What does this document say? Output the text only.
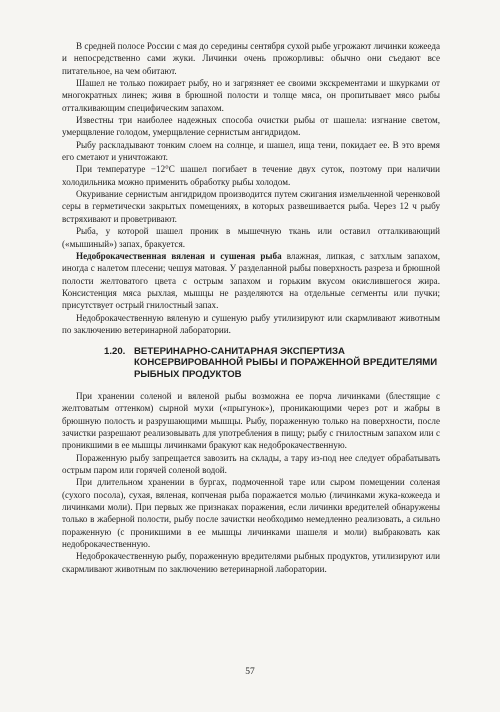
В средней полосе России с мая до середины сентября сухой рыбе угрожают личинки кожееда и непосредственно сами жуки. Личинки очень прожорливы: обычно они съедают все питательное, на чем обитают.

Шашел не только пожирает рыбу, но и загрязняет ее своими экскрементами и шкурками от многократных линек; живя в брюшной полости и толще мяса, он пропитывает мясо рыбы отталкивающим специфическим запахом.

Известны три наиболее надежных способа очистки рыбы от шашела: изгнание светом, умерщвление голодом, умерщвление сернистым ангидридом.

Рыбу раскладывают тонким слоем на солнце, и шашел, ища тени, покидает ее. В это время его сметают и уничтожают.

При температуре −12°С шашел погибает в течение двух суток, поэтому при наличии холодильника можно применить обработку рыбы холодом.

Окуривание сернистым ангидридом производится путем сжигания измельченной черенковой серы в герметически закрытых помещениях, в которых развешивается рыба. Через 12 ч рыбу встряхивают и проветривают.

Рыба, у которой шашел проник в мышечную ткань или оставил отталкивающий («мышиный») запах, бракуется.

Недоброкачественная вяленая и сушеная рыба влажная, липкая, с затхлым запахом, иногда с налетом плесени; чешуя матовая. У разделанной рыбы поверхность разреза и брюшной полости желтоватого цвета с острым запахом и горьким вкусом окислившегося жира. Консистенция мяса рыхлая, мышцы не разделяются на отдельные сегменты или пучки; присутствует острый гнилостный запах.

Недоброкачественную вяленую и сушеную рыбу утилизируют или скармливают животным по заключению ветеринарной лаборатории.

1.20. ВЕТЕРИНАРНО-САНИТАРНАЯ ЭКСПЕРТИЗА КОНСЕРВИРОВАННОЙ РЫБЫ И ПОРАЖЕННОЙ ВРЕДИТЕЛЯМИ РЫБНЫХ ПРОДУКТОВ

При хранении соленой и вяленой рыбы возможна ее порча личинками (блестящие с желтоватым оттенком) сырной мухи («прыгунок»), проникающими через рот и жабры в брюшную полость и разрушающими мышцы. Рыбу, пораженную только на поверхности, после зачистки разрешают реализовывать для употребления в пищу; рыбу с гнилостным запахом или с проникшими в ее мышцы личинками бракуют как недоброкачественную.

Пораженную рыбу запрещается завозить на склады, а тару из-под нее следует обрабатывать острым паром или горячей соленой водой.

При длительном хранении в бургах, подмоченной таре или сыром помещении соленая (сухого посола), сухая, вяленая, копченая рыба поражается молью (личинками жука-кожееда и личинками моли). При первых же признаках поражения, если личинки вредителей обнаружены только в жаберной полости, рыбу после зачистки необходимо немедленно реализовать, а сильно пораженную (с проникшими в ее мышцы личинками шашеля и моли) выбраковать как недоброкачественную.

Недоброкачественную рыбу, пораженную вредителями рыбных продуктов, утилизируют или скармливают животным по заключению ветеринарной лаборатории.

57
